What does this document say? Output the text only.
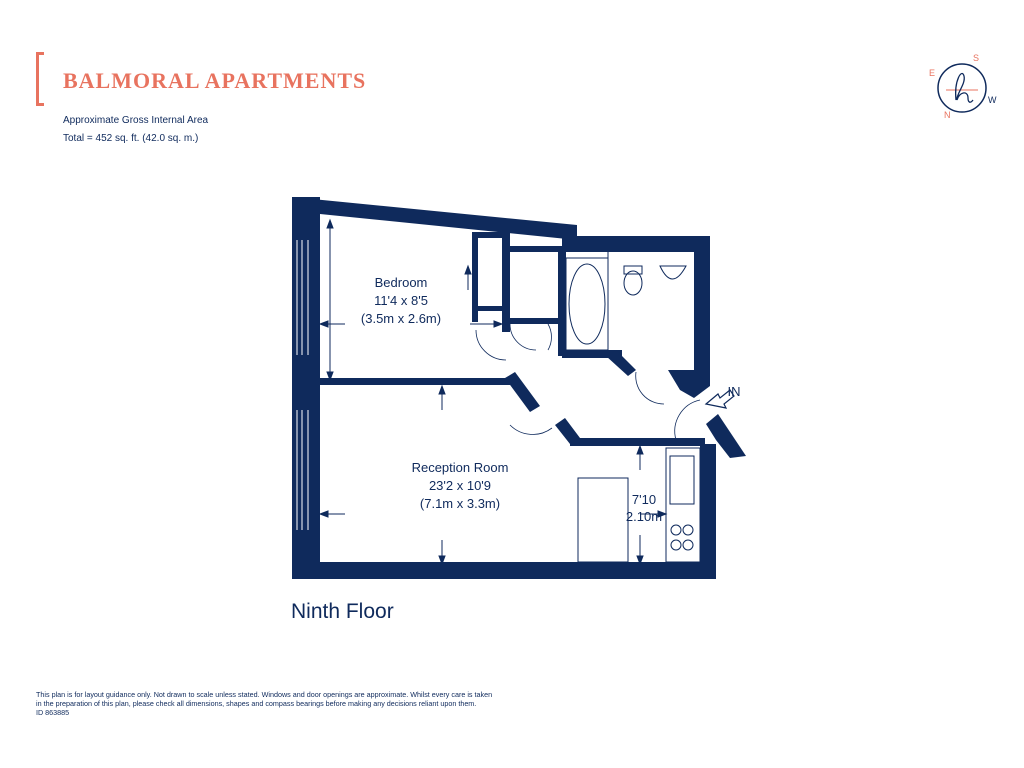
BALMORAL APARTMENTS
Approximate Gross Internal Area
Total = 452 sq. ft. (42.0 sq. m.)
S
E
W
N
Bedroom
11'4 x 8'5
(3.5m x 2.6m)
Reception Room
23'2 x 10'9
(7.1m x 3.3m)	7'10
2.10m
IN
Ninth Floor
This plan is for layout guidance only. Not drawn to scale unless stated. Windows and door openings are approximate. Whilst every care is taken
in the preparation of this plan, please check all dimensions, shapes and compass bearings before making any decisions reliant upon them.
ID 863885
